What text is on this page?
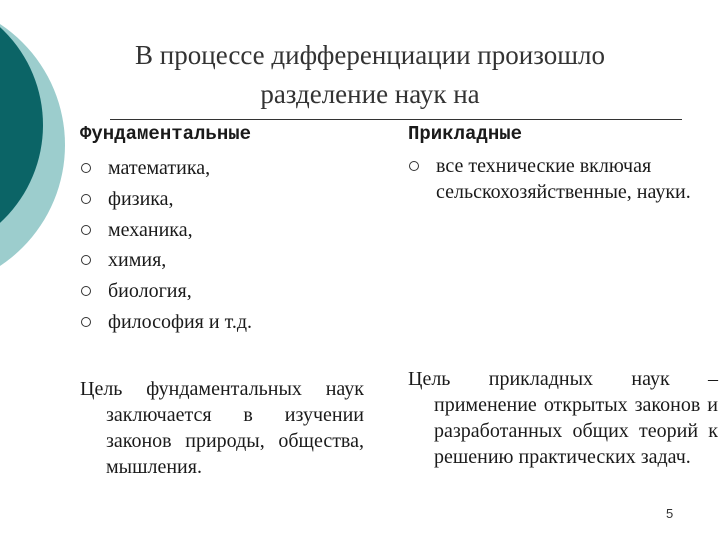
В процессе дифференциации произошло
разделение наук на
Фундаментальные
математика,
физика,
механика,
химия,
биология,
философия и т.д.
Прикладные
все технические включая сельскохозяйственные, науки.
Цель фундаментальных наук заключается в изучении законов природы, общества, мышления.
Цель прикладных наук – применение открытых законов и разработанных общих теорий к решению практических задач.
5
